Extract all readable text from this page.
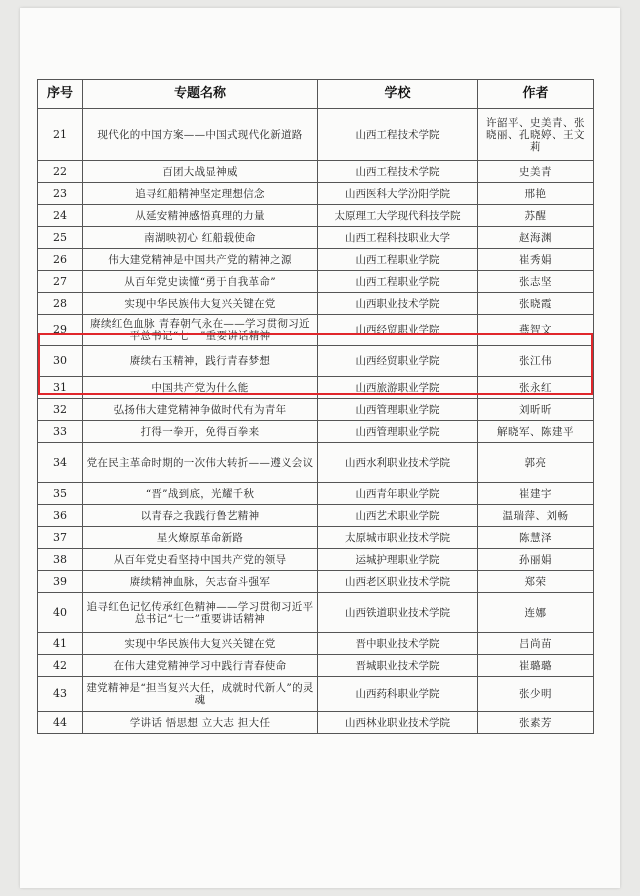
序号	专题名称	学校	作者
21	现代化的中国方案——中国式现代化新道路	山西工程技术学院	许韶平、史美青、张晓丽、孔晓婷、王文莉
22	百团大战显神威	山西工程技术学院	史美青
23	追寻红船精神坚定理想信念	山西医科大学汾阳学院	邢艳
24	从延安精神感悟真理的力量	太原理工大学现代科技学院	苏醒
25	南湖映初心 红船载使命	山西工程科技职业大学	赵海渊
26	伟大建党精神是中国共产党的精神之源	山西工程职业学院	崔秀娟
27	从百年党史读懂“勇于自我革命”	山西工程职业学院	张志坚
28	实现中华民族伟大复兴关键在党	山西职业技术学院	张晓霞
29	赓续红色血脉 青春朝气永在——学习贯彻习近平总书记“七一”重要讲话精神	山西经贸职业学院	燕智文
30	赓续右玉精神，践行青春梦想	山西经贸职业学院	张江伟
31	中国共产党为什么能	山西旅游职业学院	张永红
32	弘扬伟大建党精神争做时代有为青年	山西管理职业学院	刘昕昕
33	打得一拳开，免得百拳来	山西管理职业学院	解晓军、陈建平
34	党在民主革命时期的一次伟大转折——遵义会议	山西水利职业技术学院	郭亮
35	“晋”战到底，光耀千秋	山西青年职业学院	崔建宇
36	以青春之我践行鲁艺精神	山西艺术职业学院	温瑞萍、刘畅
37	星火燎原革命新路	太原城市职业技术学院	陈慧泽
38	从百年党史看坚持中国共产党的领导	运城护理职业学院	孙丽娟
39	赓续精神血脉，矢志奋斗强军	山西老区职业技术学院	郑荣
40	追寻红色记忆传承红色精神——学习贯彻习近平总书记“七一”重要讲话精神	山西铁道职业技术学院	连娜
41	实现中华民族伟大复兴关键在党	晋中职业技术学院	吕尚苗
42	在伟大建党精神学习中践行青春使命	晋城职业技术学院	崔璐璐
43	建党精神是“担当复兴大任，成就时代新人”的灵魂	山西药科职业学院	张少明
44	学讲话 悟思想 立大志 担大任	山西林业职业技术学院	张素芳
